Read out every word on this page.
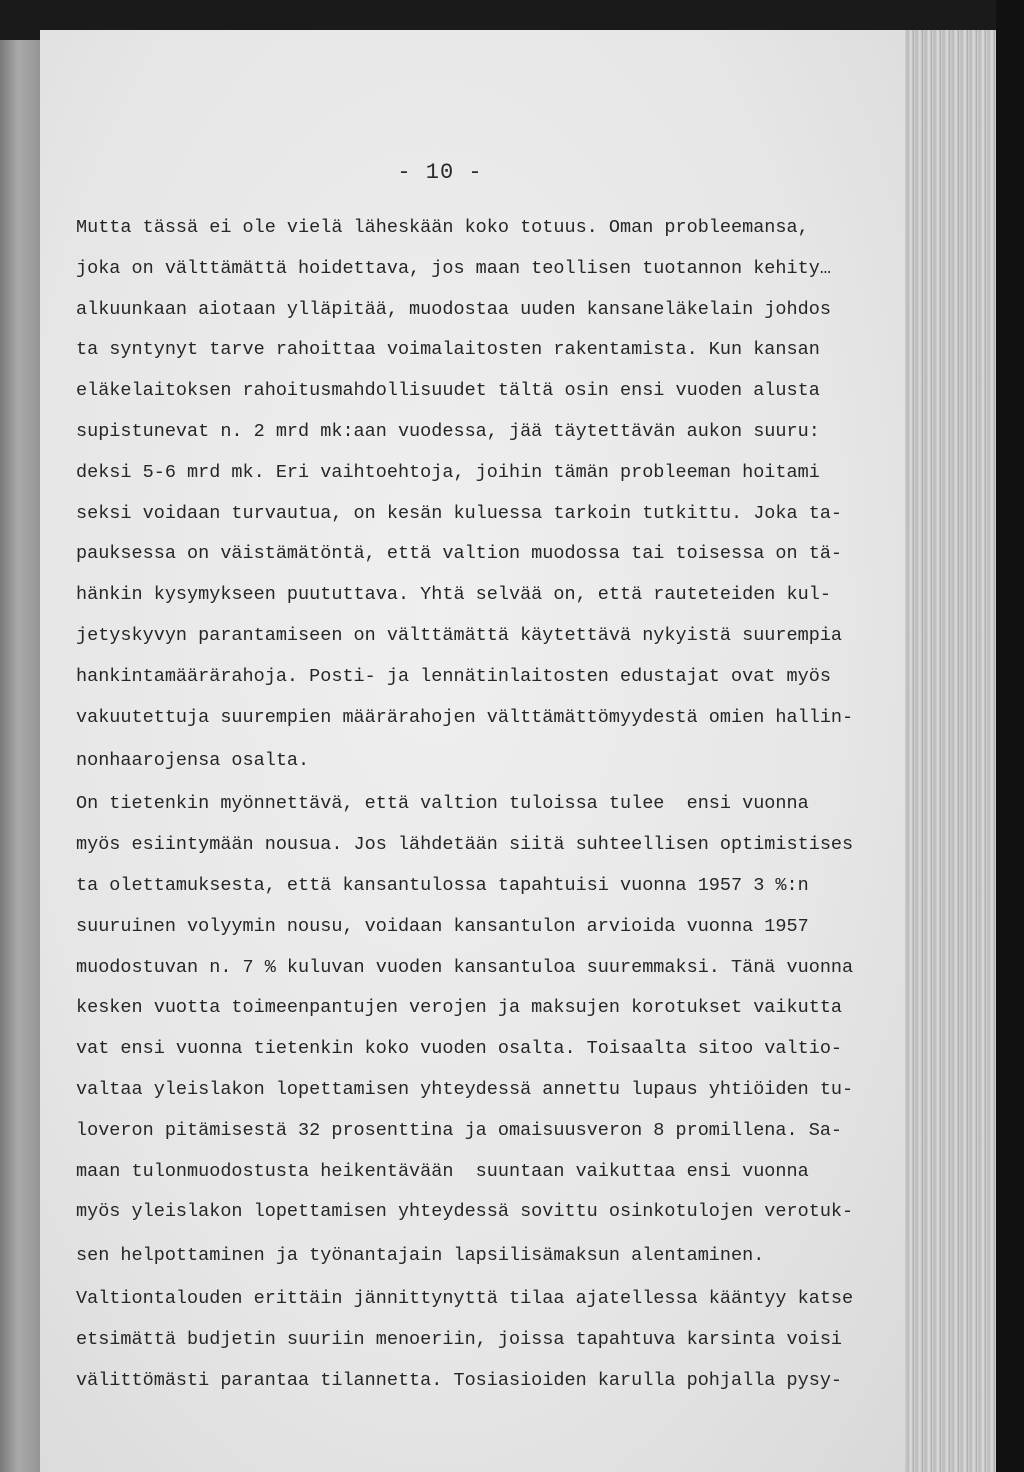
- 10 -
Mutta tässä ei ole vielä läheskään koko totuus. Oman probleemansa,
joka on välttämättä hoidettava, jos maan teollisen tuotannon kehity…
alkuunkaan aiotaan ylläpitää, muodostaa uuden kansaneläkelain johdos
ta syntynyt tarve rahoittaa voimalaitosten rakentamista. Kun kansan
eläkelaitoksen rahoitusmahdollisuudet tältä osin ensi vuoden alusta
supistunevat n. 2 mrd mk:aan vuodessa, jää täytettävän aukon suuru:
deksi 5-6 mrd mk. Eri vaihtoehtoja, joihin tämän probleeman hoitami
seksi voidaan turvautua, on kesän kuluessa tarkoin tutkittu. Joka ta-
pauksessa on väistämätöntä, että valtion muodossa tai toisessa on tä-
hänkin kysymykseen puututtava. Yhtä selvää on, että rauteteiden kul-
jetyskyvyn parantamiseen on välttämättä käytettävä nykyistä suurempia
hankintamäärärahoja. Posti- ja lennätinlaitosten edustajat ovat myös
vakuutettuja suurempien määrärahojen välttämättömyydestä omien hallin-
nonhaarojensa osalta.
On tietenkin myönnettävä, että valtion tuloissa tulee  ensi vuonna
myös esiintymään nousua. Jos lähdetään siitä suhteellisen optimistises
ta olettamuksesta, että kansantulossa tapahtuisi vuonna 1957 3 %:n
suuruinen volyymin nousu, voidaan kansantulon arvioida vuonna 1957
muodostuvan n. 7 % kuluvan vuoden kansantuloa suuremmaksi. Tänä vuonna
kesken vuotta toimeenpantujen verojen ja maksujen korotukset vaikutta
vat ensi vuonna tietenkin koko vuoden osalta. Toisaalta sitoo valtio-
valtaa yleislakon lopettamisen yhteydessä annettu lupaus yhtiöiden tu-
loveron pitämisestä 32 prosenttina ja omaisuusveron 8 promillena. Sa-
maan tulonmuodostusta heikentävään  suuntaan vaikuttaa ensi vuonna
myös yleislakon lopettamisen yhteydessä sovittu osinkotulojen verotuk-
sen helpottaminen ja työnantajain lapsilisämaksun alentaminen.
Valtiontalouden erittäin jännittynyttä tilaa ajatellessa kääntyy katse
etsimättä budjetin suuriin menoeriin, joissa tapahtuva karsinta voisi
välittömästi parantaa tilannetta. Tosiasioiden karulla pohjalla pysy-
